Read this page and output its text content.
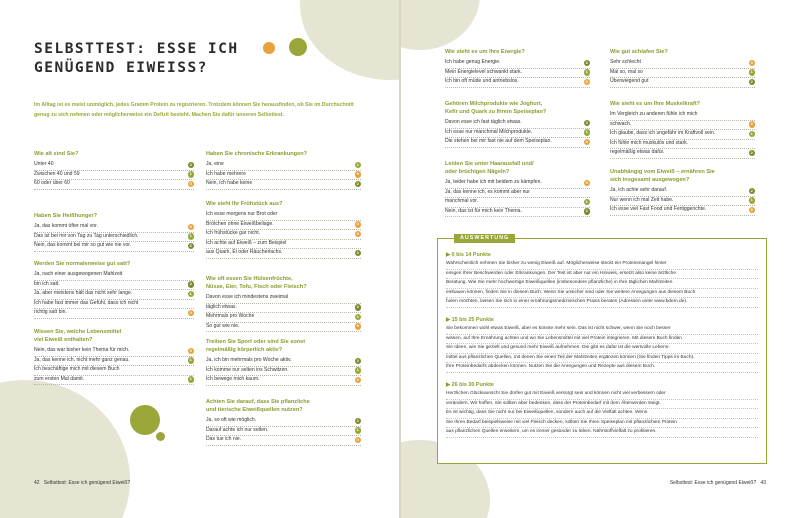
SELBSTTEST: ESSE ICH
GENÜGEND EIWEISS?
Im Alltag ist es meist unmöglich, jedes Gramm Protein zu registrieren. Trotzdem können Sie herausfinden, ob Sie im Durchschnitt genug zu sich nehmen oder möglicherweise ein Defizit besteht. Machen Sie dafür unseren Selbsttest.
42 Selbsttest: Esse ich genügend Eiweiß?	Selbsttest: Esse ich genügend Eiweiß? 43
Wie alt sind Sie?
Unter 40	2
Zwischen 40 und 59	1
60 oder über 60	0
Haben Sie Heißhunger?
Ja, das kommt öfter mal vor.	0
Das ist bei mir von Tag zu Tag unterschiedlich.	1
Nein, das kommt bei mir so gut wie nie vor.	2
Werden Sie normalerweise gut satt?
Ja, nach einer ausgewogenen Mahlzeit
bin ich satt.	2
Ja, aber meistens hält das nicht sehr lange.	1
Ich habe fast immer das Gefühl, dass ich nicht
richtig satt bin.	0
Wissen Sie, welche Lebensmittel
viel Eiweiß enthalten?
Nein, das war bisher kein Thema für mich.	0
Ja, das kenne ich, nicht mehr ganz genau.	1
Ich beschäftige mich mit diesem Buch
zum ersten Mal damit.	1
Haben Sie chronische Erkrankungen?
Ja, eine	1
Ich habe mehrere	0
Nein, ich habe keine	2
Wie sieht Ihr Frühstück aus?
Ich esse morgens nur Brot oder
Brötchen ohne Eiweißbeilage.	0
Ich frühstücke gar nicht.	0
Ich achte auf Eiweiß – zum Beispiel
aus Quark, Ei oder Räucherlachs.	2
Wie oft essen Sie Hülsenfrüchte,
Nüsse, Eier, Tofu, Fisch oder Fleisch?
Davon esse ich mindestens zweimal
täglich etwas.	2
Mehrmals pro Woche	1
So gut wie nie.	0
Treiben Sie Sport oder sind Sie sonst
regelmäßig körperlich aktiv?
Ja, ich bin mehrmals pro Woche aktiv.	2
Ich komme nur selten ins Schwitzen.	1
Ich bewege mich kaum.	0
Achten Sie darauf, dass Sie pflanzliche
und tierische Eiweißquellen nutzen?
Ja, so oft wie möglich.	2
Darauf achte ich nur selten.	1
Das tue ich nie.	0
Wie steht es um Ihre Energie?
Ich habe genug Energie.	2
Mein Energielevel schwankt stark.	1
Ich bin oft müde und antriebslos.	0
Gehören Milchprodukte wie Joghurt,
Kefir und Quark zu Ihrem Speiseplan?
Davon esse ich fast täglich etwas.	2
Ich esse nur manchmal Milchprodukte.	1
Die stehen bei mir fast nie auf dem Speiseplan.	0
Leiden Sie unter Haarausfall und/
oder brüchigen Nägeln?
Ja, leider habe ich mit beidem zu kämpfen.	0
Ja, das kenne ich, es kommt aber nur
manchmal vor.	1
Nein, das ist für mich kein Thema.	2
Wie gut schlafen Sie?
Sehr schlecht	0
Mal so, mal so	1
Überwiegend gut	2
Wie sieht es um Ihre Muskelkraft?
Im Vergleich zu anderen fühle ich mich
schwach.	0
Ich glaube, dass ich ungefähr im Kraftvoll sein.	1
Ich fühle mich muskulös und stark.
regelmäßig etwas dafür.	2
Unabhängig vom Eiweiß – ernähren Sie
sich insgesamt ausgewogen?
Ja, ich achte sehr darauf.	2
Nur wenn ich mal Zeit habe.	1
Ich esse viel Fast Food und Fertiggerichte.	0
AUSWERTUNG
▶ 0 bis 14 Punkte
Wahrscheinlich nehmen Sie bisher zu wenig Eiweiß auf. Möglicherweise steckt ein Proteinmangel hinter
einigen Ihrer Beschwerden oder Erkrankungen. Der Test ist aber nur ein Hinweis, ersetzt also keine ärztliche
Beratung. Wie Sie mehr hochwertige Eiweißquellen (insbesondere pflanzliche) in Ihre täglichen Mahlzeiten
einbauen können, finden Sie in diesem Buch. Wenn Sie unsicher sind oder Sie weitere Anregungen aus diesem Buch
holen möchten, lassen Sie sich in einer ernährungsmedizinischen Praxis beraten (Adressen unter www.bdem.de).
▶ 15 bis 25 Punkte
Sie bekommen wohl etwas Eiweiß, aber es könnte mehr sein. Das ist nicht schwer, wenn Sie noch besser
wissen, auf Ihre Ernährung achten und wo Sie Lebensmittel mit viel Protein integrieren. Mit diesem Buch finden
Sie Ideen, wie Sie gezielt und gesund mehr Eiweiß aufnehmen. Die gibt es dafür ist die wertvolle Lebens-
mittel aus pflanzlichen Quellen, mit denen Sie einen Teil der Mahlzeiten ergänzen können (Sie finden Tipps im Buch).
Ihre Proteinbedarfs abdecken können. Nutzen Sie die Anregungen und Rezepte aus diesem Buch.
▶ 26 bis 30 Punkte
Herzlichen Glückwunsch! Sie dürfen gut mit Eiweiß versorgt sein und können nicht viel verbessern oder
verändern. Wir hoffen, Sie sollten aber bedenken, dass der Proteinbedarf mit dem Älterwerden steigt.
Es ist wichtig, dass Sie nicht nur bei Eiweißquellen, sondern auch auf die Vielfalt achten. Wenn
Sie Ihren Bedarf beispielsweise mit viel Fleisch decken, sollten Sie Ihren Speiseplan mit pflanzlichem Protein
aus pflanzlichen Quellen erweitern, um es immer gesünder zu leben. Nährstoffvielfalt zu profitieren.
